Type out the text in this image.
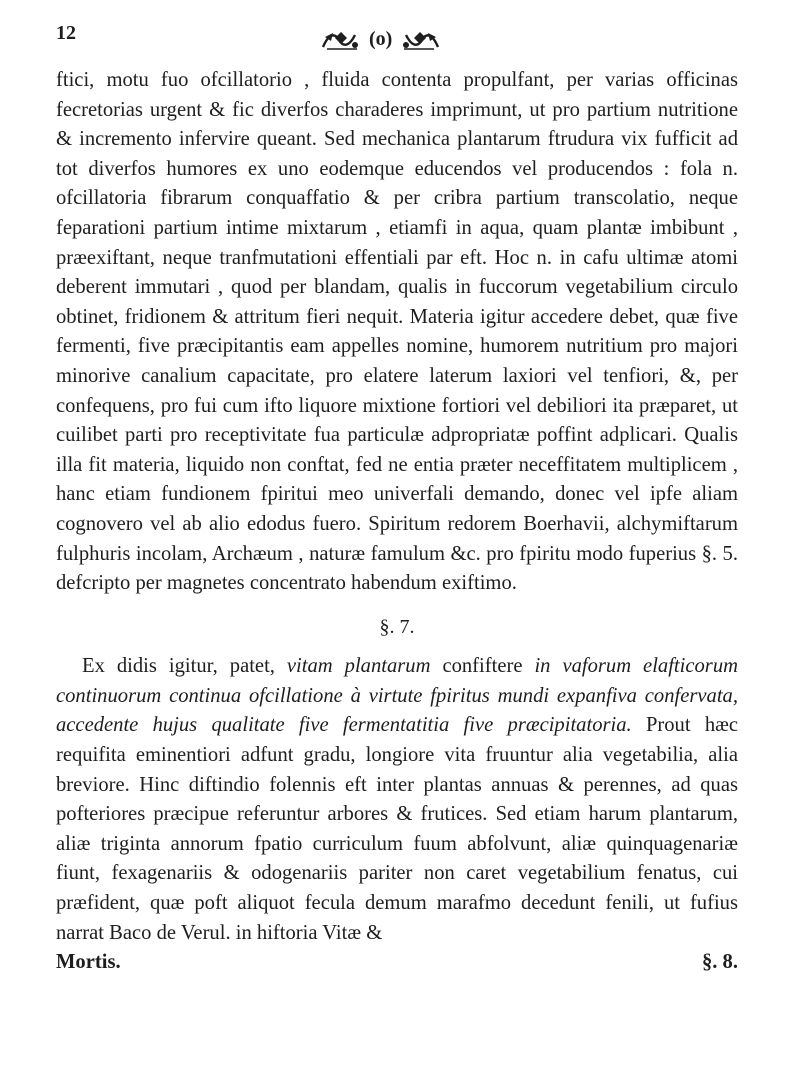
12	(o)

ftici, motu fuo ofcillatorio , fluida contenta propulfant, per varias officinas fecretorias urgent & fic diverfos charaderes imprimunt, ut pro partium nutritione & incremento infervire queant. Sed mechanica plantarum ftrudura vix fufficit ad tot diverfos humores ex uno eodemque educendos vel producendos : fola n. ofcillatoria fibrarum conquaffatio & per cribra partium transcolatio, neque feparationi partium intime mixtarum , etiamfi in aqua, quam plantæ imbibunt , præexiftant, neque tranfmutationi effentiali par eft. Hoc n. in cafu ultimæ atomi deberent immutari , quod per blandam, qualis in fuccorum vegetabilium circulo obtinet, fridionem & attritum fieri nequit. Materia igitur accedere debet, quæ five fermenti, five præcipitantis eam appelles nomine, humorem nutritium pro majori minorive canalium capacitate, pro elatere laterum laxiori vel tenfiori, &, per confequens, pro fui cum ifto liquore mixtione fortiori vel debiliori ita præparet, ut cuilibet parti pro receptivitate fua particulæ adpropriatæ poffint adplicari. Qualis illa fit materia, liquido non conftat, fed ne entia præter neceffitatem multiplicem , hanc etiam fundionem fpiritui meo univerfali demando, donec vel ipfe aliam cognovero vel ab alio edodus fuero. Spiritum redorem Boerhavii, alchymiftarum fulphuris incolam, Archæum , naturæ famulum &c. pro fpiritu modo fuperius §. 5. defcripto per magnetes concentrato habendum exiftimo.

§. 7.

Ex didis igitur, patet, vitam plantarum confiftere in vaforum elafticorum continuorum continua ofcillatione à virtute fpiritus mundi expanfiva confervata, accedente hujus qualitate five fermentatitia five præcipitatoria. Prout hæc requifita eminentiori adfunt gradu, longiore vita fruuntur alia vegetabilia, alia breviore. Hinc diftindio folennis eft inter plantas annuas & perennes, ad quas pofteriores præcipue referuntur arbores & frutices. Sed etiam harum plantarum, aliæ triginta annorum fpatio curriculum fuum abfolvunt, aliæ quinquagenariæ fiunt, fexagenariis & odogenariis pariter non caret vegetabilium fenatus, cui præfident, quæ poft aliquot fecula demum marafmo decedunt fenili, ut fufius narrat Baco de Verul. in hiftoria Vitæ &

Mortis.	§. 8.
